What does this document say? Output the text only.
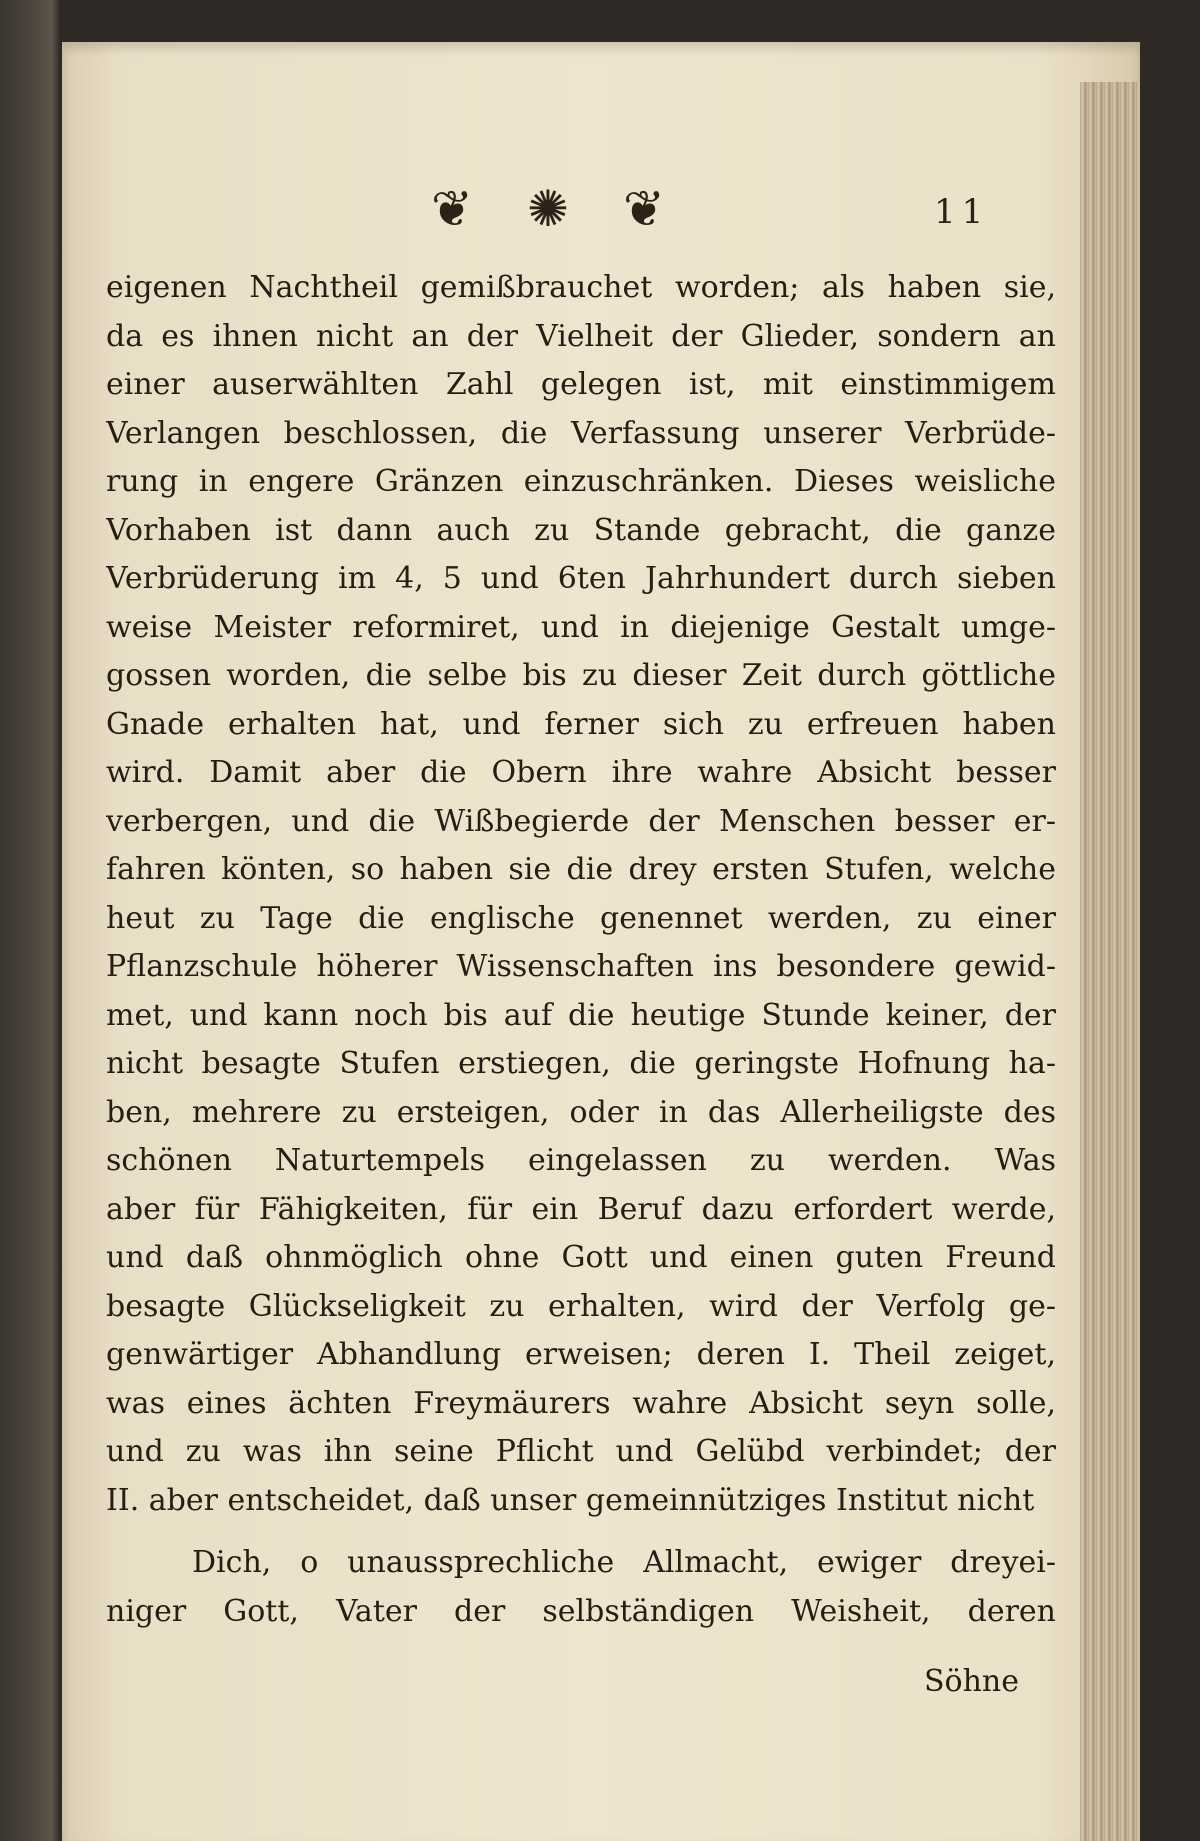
❦ ✺ ❦	11
eigenen Nachtheil gemißbrauchet worden; als haben sie,
da es ihnen nicht an der Vielheit der Glieder, sondern an
einer auserwählten Zahl gelegen ist, mit einstimmigem
Verlangen beschlossen, die Verfassung unserer Verbrüde-
rung in engere Gränzen einzuschränken. Dieses weisliche
Vorhaben ist dann auch zu Stande gebracht, die ganze
Verbrüderung im 4, 5 und 6ten Jahrhundert durch sieben
weise Meister reformiret, und in diejenige Gestalt umge-
gossen worden, die selbe bis zu dieser Zeit durch göttliche
Gnade erhalten hat, und ferner sich zu erfreuen haben
wird. Damit aber die Obern ihre wahre Absicht besser
verbergen, und die Wißbegierde der Menschen besser er-
fahren könten, so haben sie die drey ersten Stufen, welche
heut zu Tage die englische genennet werden, zu einer
Pflanzschule höherer Wissenschaften ins besondere gewid-
met, und kann noch bis auf die heutige Stunde keiner, der
nicht besagte Stufen erstiegen, die geringste Hofnung ha-
ben, mehrere zu ersteigen, oder in das Allerheiligste des
schönen Naturtempels eingelassen zu werden. Was
aber für Fähigkeiten, für ein Beruf dazu erfordert werde,
und daß ohnmöglich ohne Gott und einen guten Freund
besagte Glückseligkeit zu erhalten, wird der Verfolg ge-
genwärtiger Abhandlung erweisen; deren I. Theil zeiget,
was eines ächten Freymäurers wahre Absicht seyn solle,
und zu was ihn seine Pflicht und Gelübd verbindet; der
II. aber entscheidet, daß unser gemeinnütziges Institut nicht
Dich, o unaussprechliche Allmacht, ewiger dreyei-
niger Gott, Vater der selbständigen Weisheit, deren
Söhne
